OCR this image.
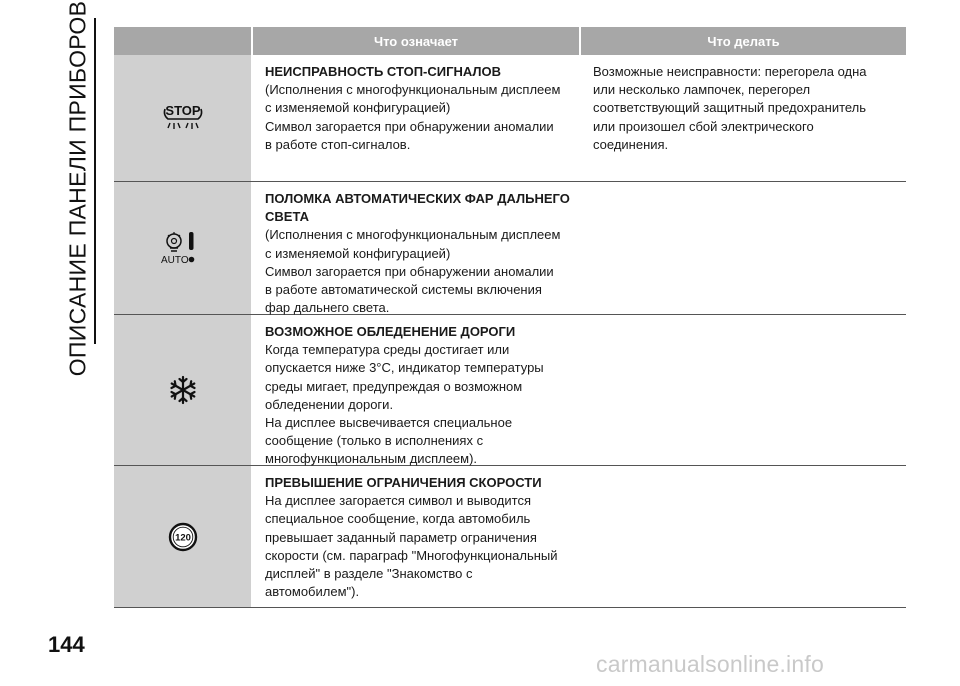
ОПИСАНИЕ ПАНЕЛИ ПРИБОРОВ	Что означает	Что делать
STOP
НЕИСПРАВНОСТЬ СТОП-СИГНАЛОВ
(Исполнения с многофункциональным дисплеем
с изменяемой конфигурацией)
Символ загорается при обнаружении аномалии
в работе стоп-сигналов.
Возможные неисправности: перегорела одна
или несколько лампочек, перегорел
соответствующий защитный предохранитель
или произошел сбой электрического
соединения.
AUTO
ПОЛОМКА АВТОМАТИЧЕСКИХ ФАР ДАЛЬНЕГО
СВЕТА
(Исполнения с многофункциональным дисплеем
с изменяемой конфигурацией)
Символ загорается при обнаружении аномалии
в работе автоматической системы включения
фар дальнего света.
ВОЗМОЖНОЕ ОБЛЕДЕНЕНИЕ ДОРОГИ
Когда температура среды достигает или
опускается ниже 3°C, индикатор температуры
среды мигает, предупреждая о возможном
обледенении дороги.
На дисплее высвечивается специальное
сообщение (только в исполнениях с
многофункциональным дисплеем).
120
ПРЕВЫШЕНИЕ ОГРАНИЧЕНИЯ СКОРОСТИ
На дисплее загорается символ и выводится
специальное сообщение, когда автомобиль
превышает заданный параметр ограничения
скорости (см. параграф "Многофункциональный
дисплей" в разделе "Знакомство с
автомобилем").
144
carmanualsonline.info
